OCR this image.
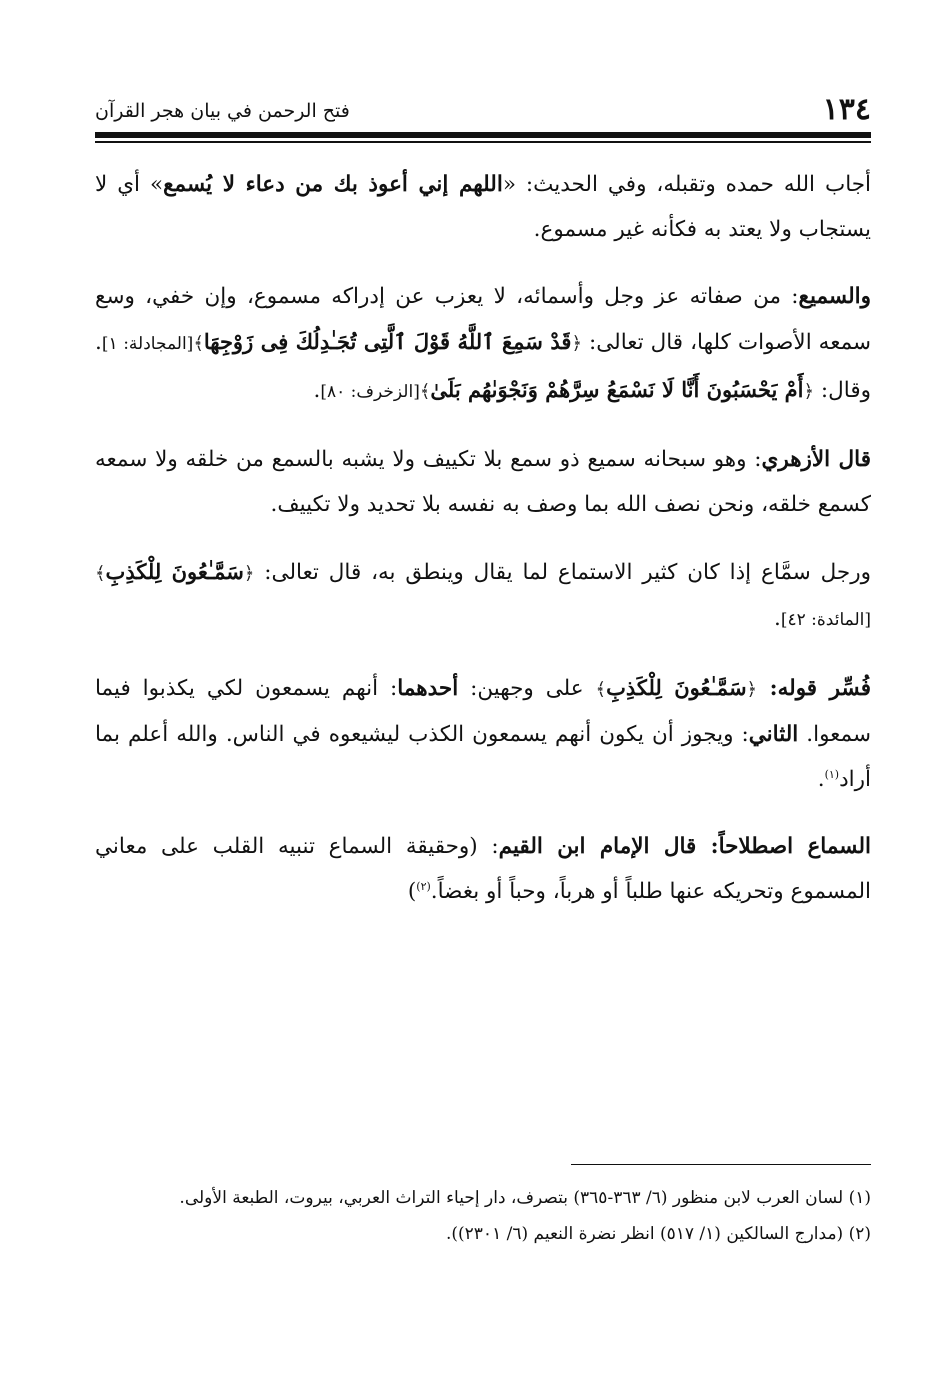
١٣٤
فتح الرحمن في بيان هجر القرآن

أجاب الله حمده وتقبله، وفي الحديث: «اللهم إني أعوذ بك من دعاء لا يُسمع» أي لا يستجاب ولا يعتد به فكأنه غير مسموع.

والسميع: من صفاته عز وجل وأسمائه، لا يعزب عن إدراكه مسموع، وإن خفي، وسع سمعه الأصوات كلها، قال تعالى: ﴿قَدْ سَمِعَ ٱللَّهُ قَوْلَ ٱلَّتِى تُجَـٰدِلُكَ فِى زَوْجِهَا﴾[المجادلة: ١]. وقال: ﴿أَمْ يَحْسَبُونَ أَنَّا لَا نَسْمَعُ سِرَّهُمْ وَنَجْوَىٰهُم بَلَىٰ﴾[الزخرف: ٨٠].

قال الأزهري: وهو سبحانه سميع ذو سمع بلا تكييف ولا يشبه بالسمع من خلقه ولا سمعه كسمع خلقه، ونحن نصف الله بما وصف به نفسه بلا تحديد ولا تكييف.

ورجل سمَّاع إذا كان كثير الاستماع لما يقال وينطق به، قال تعالى: ﴿سَمَّـٰعُونَ لِلْكَذِبِ﴾[المائدة: ٤٢].

فُسِّر قوله: ﴿سَمَّـٰعُونَ لِلْكَذِبِ﴾ على وجهين: أحدهما: أنهم يسمعون لكي يكذبوا فيما سمعوا. الثاني: ويجوز أن يكون أنهم يسمعون الكذب ليشيعوه في الناس. والله أعلم بما أراد$^{(١)}$.

السماع اصطلاحاً: قال الإمام ابن القيم: (وحقيقة السماع تنبيه القلب على معاني المسموع وتحريكه عنها طلباً أو هرباً، وحباً أو بغضاً.$^{(٢)}$)

(١) لسان العرب لابن منظور (٦/ ٣٦٣-٣٦٥) بتصرف، دار إحياء التراث العربي، بيروت، الطبعة الأولى.

(٢) (مدارج السالكين (١/ ٥١٧) انظر نضرة النعيم (٦/ ٢٣٠١)).
